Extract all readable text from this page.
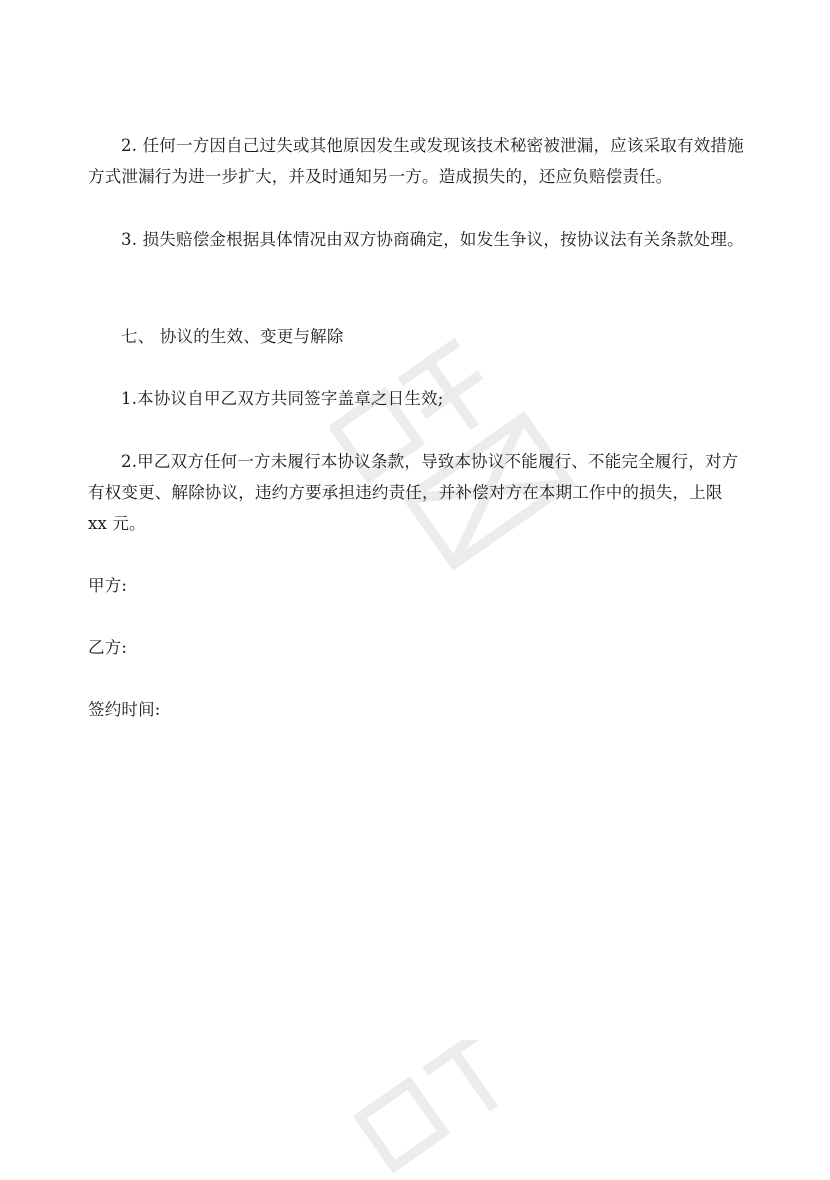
2. 任何一方因自己过失或其他原因发生或发现该技术秘密被泄漏，应该采取有效措施方式泄漏行为进一步扩大，并及时通知另一方。造成损失的，还应负赔偿责任。

3. 损失赔偿金根据具体情况由双方协商确定，如发生争议，按协议法有关条款处理。

七、 协议的生效、变更与解除

1.本协议自甲乙双方共同签字盖章之日生效;

2.甲乙双方任何一方未履行本协议条款，导致本协议不能履行、不能完全履行，对方有权变更、解除协议，违约方要承担违约责任，并补偿对方在本期工作中的损失，上限 xx 元。

甲方:

乙方:

签约时间:
